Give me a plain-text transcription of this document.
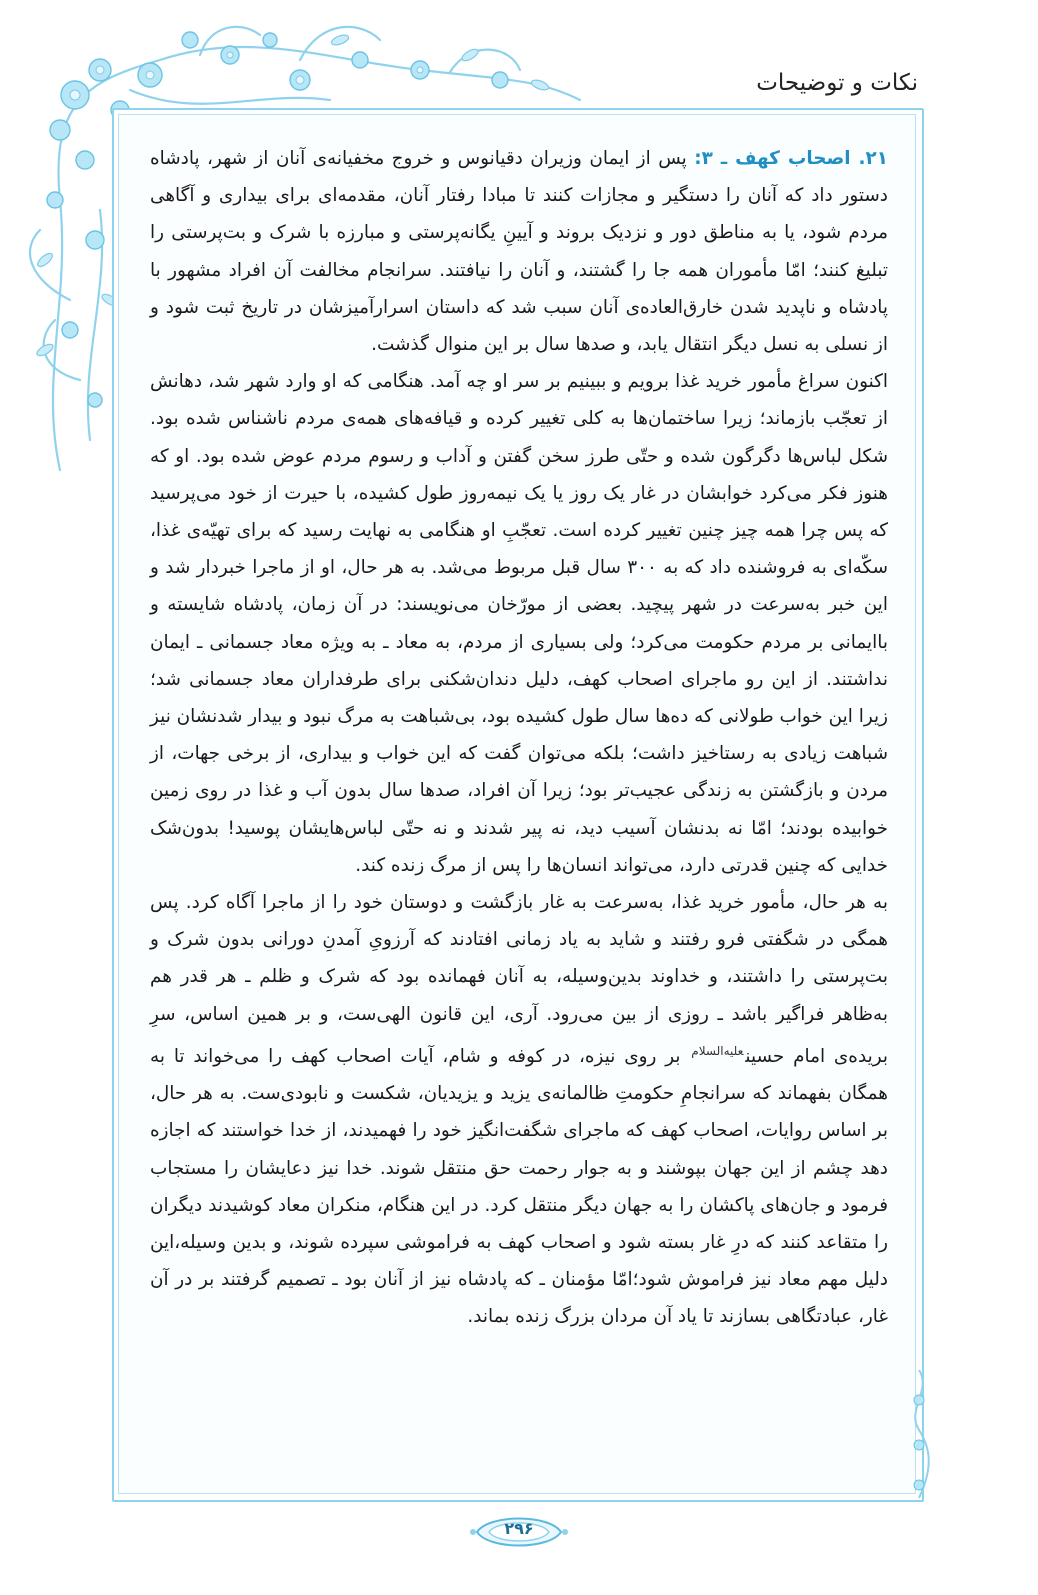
نکات و توضیحات

۲۱. اصحاب کهف ـ ۳: پس از ایمان وزیران دقیانوس و خروج مخفیانه‌ی آنان از شهر، پادشاه دستور داد که آنان را دستگیر و مجازات کنند تا مبادا رفتار آنان، مقدمه‌ای برای بیداری و آگاهی مردم شود، یا به مناطق دور و نزدیک بروند و آیینِ یگانه‌پرستی و مبارزه با شرک و بت‌پرستی را تبلیغ کنند؛ امّا مأموران همه جا را گشتند، و آنان را نیافتند. سرانجام مخالفت آن افراد مشهور با پادشاه و ناپدید شدن خارق‌العاده‌ی آنان سبب شد که داستان اسرارآمیزشان در تاریخ ثبت شود و از نسلی به نسل دیگر انتقال یابد، و صدها سال بر این منوال گذشت.

اکنون سراغ مأمور خرید غذا برویم و ببینیم بر سر او چه آمد. هنگامی که او وارد شهر شد، دهانش از تعجّب بازماند؛ زیرا ساختمان‌ها به کلی تغییر کرده و قیافه‌های همه‌ی مردم ناشناس شده بود. شکل لباس‌ها دگرگون شده و حتّی طرز سخن گفتن و آداب و رسوم مردم عوض شده بود. او که هنوز فکر می‌کرد خوابشان در غار یک روز یا یک نیمه‌روز طول کشیده، با حیرت از خود می‌پرسید که پس چرا همه چیز چنین تغییر کرده است. تعجّبِ او هنگامی به نهایت رسید که برای تهیّه‌ی غذا، سکّه‌ای به فروشنده داد که به ۳۰۰ سال قبل مربوط می‌شد. به هر حال، او از ماجرا خبردار شد و این خبر به‌سرعت در شهر پیچید. بعضی از مورّخان می‌نویسند: در آن زمان، پادشاه شایسته و باایمانی بر مردم حکومت می‌کرد؛ ولی بسیاری از مردم، به معاد ـ به ویژه معاد جسمانی ـ ایمان نداشتند. از این رو ماجرای اصحاب کهف، دلیل دندان‌شکنی برای طرفداران معاد جسمانی شد؛ زیرا این خواب طولانی که ده‌ها سال طول کشیده بود، بی‌شباهت به مرگ نبود و بیدار شدنشان نیز شباهت زیادی به رستاخیز داشت؛ بلکه می‌توان گفت که این خواب و بیداری، از برخی جهات، از مردن و بازگشتن به زندگی عجیب‌تر بود؛ زیرا آن افراد، صدها سال بدون آب و غذا در روی زمین خوابیده بودند؛ امّا نه بدنشان آسیب دید، نه پیر شدند و نه حتّی لباس‌هایشان پوسید! بدون‌شک خدایی که چنین قدرتی دارد، می‌تواند انسان‌ها را پس از مرگ زنده کند.

به هر حال، مأمور خرید غذا، به‌سرعت به غار بازگشت و دوستان خود را از ماجرا آگاه کرد. پس همگی در شگفتی فرو رفتند و شاید به یاد زمانی افتادند که آرزویِ آمدنِ دورانی بدون شرک و بت‌پرستی را داشتند، و خداوند بدین‌وسیله، به آنان فهمانده بود که شرک و ظلم ـ هر قدر هم به‌ظاهر فراگیر باشد ـ روزی از بین می‌رود. آری، این قانون الهی‌ست، و بر همین اساس، سرِ بریده‌ی امام حسین$^{علیه‌السلام}$ بر روی نیزه، در کوفه و شام، آیات اصحاب کهف را می‌خواند تا به همگان بفهماند که سرانجامِ حکومتِ ظالمانه‌ی یزید و یزیدیان، شکست و نابودی‌ست. به هر حال، بر اساس روایات، اصحاب کهف که ماجرای شگفت‌انگیز خود را فهمیدند، از خدا خواستند که اجازه دهد چشم از این جهان بپوشند و به جوار رحمت حق منتقل شوند. خدا نیز دعایشان را مستجاب فرمود و جان‌های پاکشان را به جهان دیگر منتقل کرد. در این هنگام، منکران معاد کوشیدند دیگران را متقاعد کنند که درِ غار بسته شود و اصحاب کهف به فراموشی سپرده شوند، و بدین وسیله،این دلیل مهم معاد نیز فراموش شود؛امّا مؤمنان ـ که پادشاه نیز از آنان بود ـ تصمیم گرفتند بر در آن غار، عبادتگاهی بسازند تا یاد آن مردان بزرگ زنده بماند.

۲۹۶
